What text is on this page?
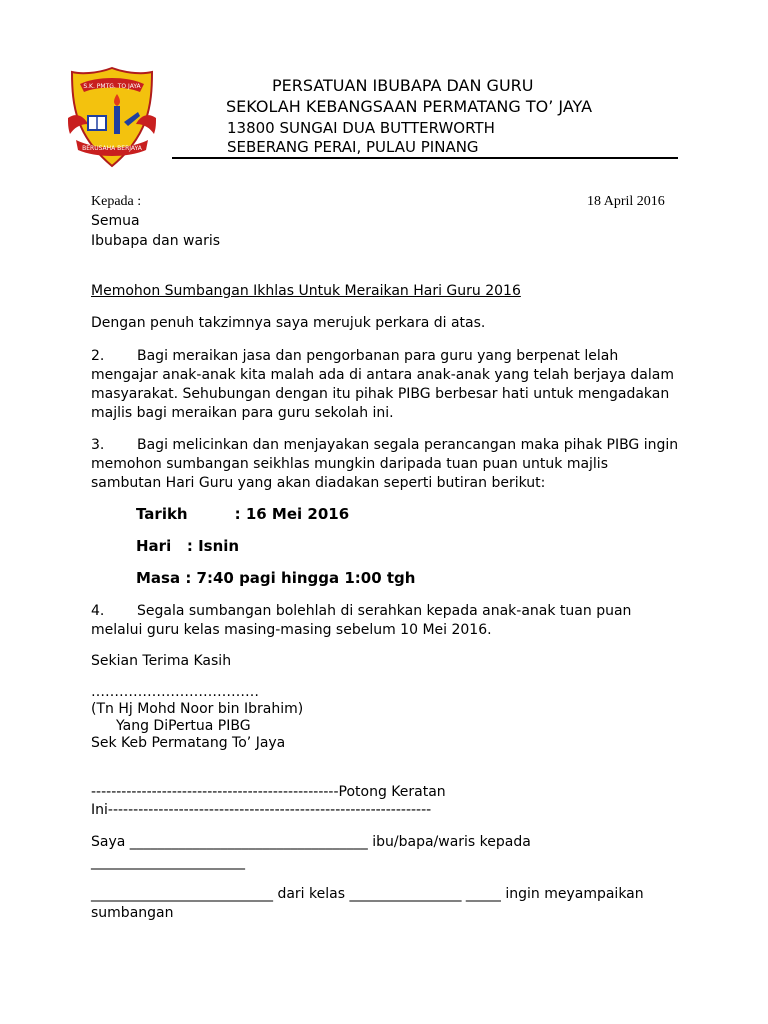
S.K. PMTG. TO JAYA
BERUSAHA BERJAYA
PERSATUAN IBUBAPA DAN GURU
SEKOLAH KEBANGSAAN PERMATANG TO’ JAYA
13800 SUNGAI DUA BUTTERWORTH
SEBERANG PERAI, PULAU PINANG
Kepada :	18 April 2016
Semua
Ibubapa dan waris
Memohon Sumbangan Ikhlas Untuk Meraikan Hari Guru 2016
Dengan penuh takzimnya saya merujuk perkara di atas.
2. Bagi meraikan jasa dan pengorbanan para guru yang berpenat lelah mengajar anak-anak kita malah ada di antara anak-anak yang telah berjaya dalam masyarakat. Sehubungan dengan itu pihak PIBG berbesar hati untuk mengadakan majlis bagi meraikan para guru sekolah ini.
3. Bagi melicinkan dan menjayakan segala perancangan maka pihak PIBG ingin memohon sumbangan seikhlas mungkin daripada tuan puan untuk majlis sambutan Hari Guru yang akan diadakan seperti butiran berikut:
Tarikh         : 16 Mei 2016
Hari   : Isnin
Masa : 7:40 pagi hingga 1:00 tgh
4. Segala sumbangan bolehlah di serahkan kepada anak-anak tuan puan melalui guru kelas masing-masing sebelum 10 Mei 2016.
Sekian Terima Kasih
………………………………
(Tn Hj Mohd Noor bin Ibrahim)
Yang DiPertua PIBG
Sek Keb Permatang To’ Jaya
-------------------------------------------------Potong Keratan
Ini----------------------------------------------------------------
Saya __________________________________ ibu/bapa/waris kepada
______________________
__________________________ dari kelas ________________ _____ ingin meyampaikan
sumbangan
